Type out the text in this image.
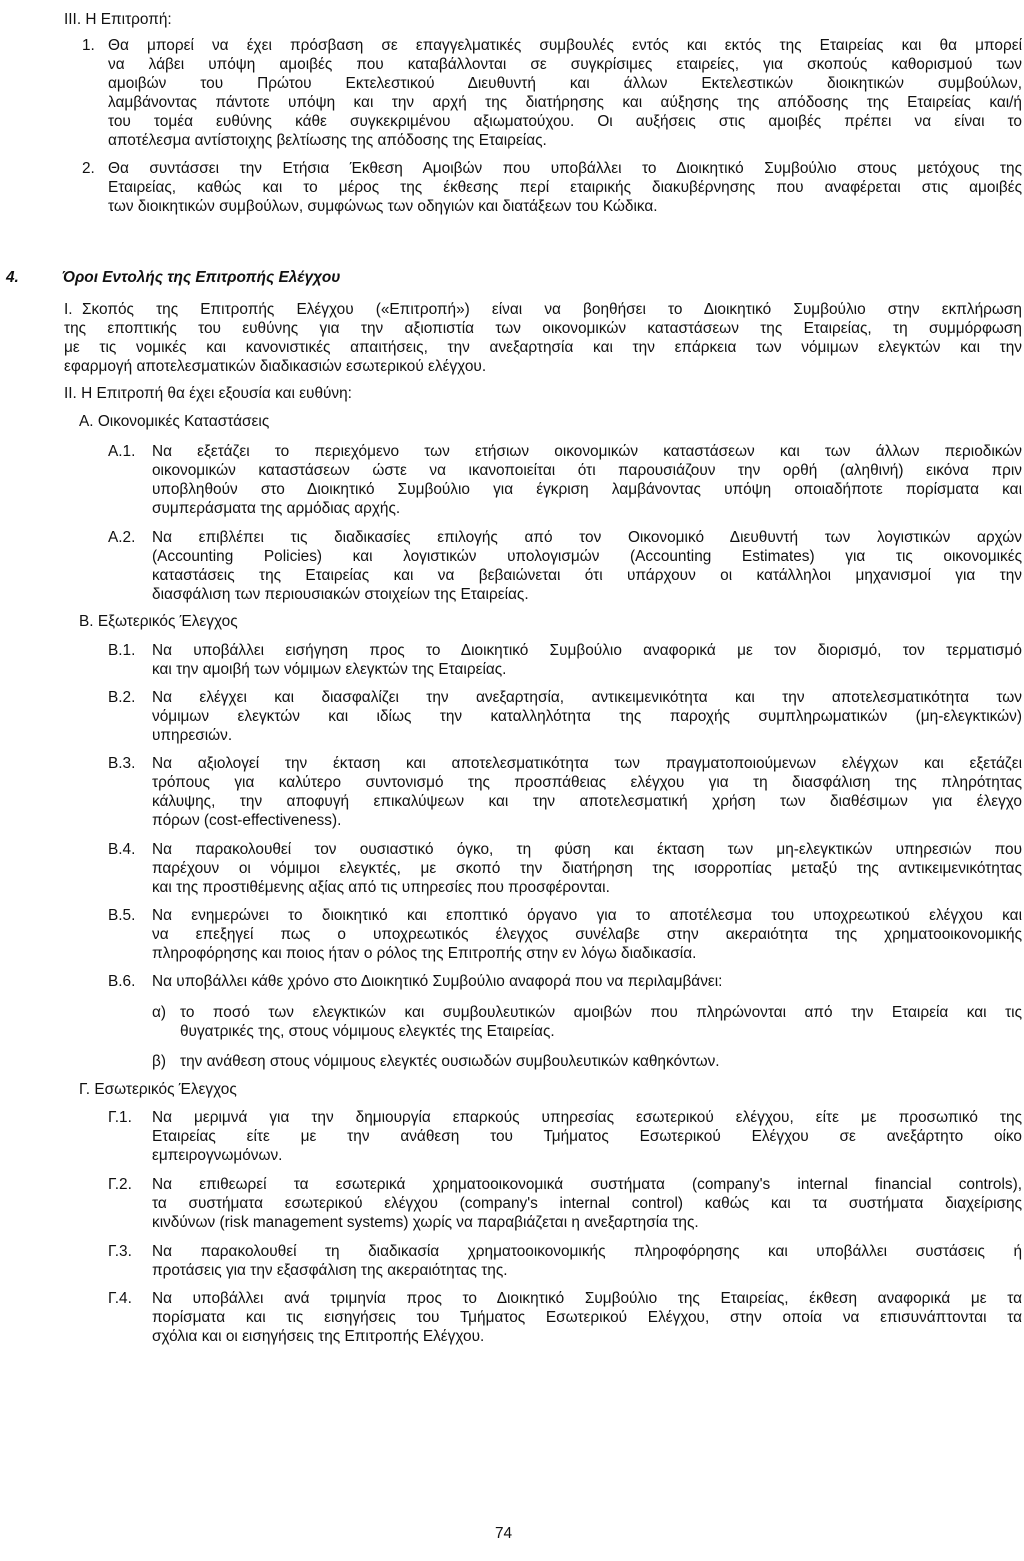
III. Η Επιτροπή:
1. Θα μπορεί να έχει πρόσβαση σε επαγγελματικές συμβουλές εντός και εκτός της Εταιρείας και θα μπορεί
να λάβει υπόψη αμοιβές που καταβάλλονται σε συγκρίσιμες εταιρείες, για σκοπούς καθορισμού των
αμοιβών του Πρώτου Εκτελεστικού Διευθυντή και άλλων Εκτελεστικών διοικητικών συμβούλων,
λαμβάνοντας πάντοτε υπόψη και την αρχή της διατήρησης και αύξησης της απόδοσης της Εταιρείας και/ή
του τομέα ευθύνης κάθε συγκεκριμένου αξιωματούχου. Οι αυξήσεις στις αμοιβές πρέπει να είναι το
αποτέλεσμα αντίστοιχης βελτίωσης της απόδοσης της Εταιρείας.
2. Θα συντάσσει την Ετήσια Έκθεση Αμοιβών που υποβάλλει το Διοικητικό Συμβούλιο στους μετόχους της
Εταιρείας, καθώς και το μέρος της έκθεσης περί εταιρικής διακυβέρνησης που αναφέρεται στις αμοιβές
των διοικητικών συμβούλων, συμφώνως των οδηγιών και διατάξεων του Κώδικα.
4.	Όροι Εντολής της Επιτροπής Ελέγχου
I. Σκοπός της Επιτροπής Ελέγχου («Επιτροπή») είναι να βοηθήσει το Διοικητικό Συμβούλιο στην εκπλήρωση
της εποπτικής του ευθύνης για την αξιοπιστία των οικονομικών καταστάσεων της Εταιρείας, τη συμμόρφωση
με τις νομικές και κανονιστικές απαιτήσεις, την ανεξαρτησία και την επάρκεια των νόμιμων ελεγκτών και την
εφαρμογή αποτελεσματικών διαδικασιών εσωτερικού ελέγχου.
II. Η Επιτροπή θα έχει εξουσία και ευθύνη:
Α. Οικονομικές Καταστάσεις
Α.1. Να εξετάζει το περιεχόμενο των ετήσιων οικονομικών καταστάσεων και των άλλων περιοδικών
οικονομικών καταστάσεων ώστε να ικανοποιείται ότι παρουσιάζουν την ορθή (αληθινή) εικόνα πριν
υποβληθούν στο Διοικητικό Συμβούλιο για έγκριση λαμβάνοντας υπόψη οποιαδήποτε πορίσματα και
συμπεράσματα της αρμόδιας αρχής.
Α.2. Να επιβλέπει τις διαδικασίες επιλογής από τον Οικονομικό Διευθυντή των λογιστικών αρχών
(Accounting Policies) και λογιστικών υπολογισμών (Accounting Estimates) για τις οικονομικές
καταστάσεις της Εταιρείας και να βεβαιώνεται ότι υπάρχουν οι κατάλληλοι μηχανισμοί για την
διασφάλιση των περιουσιακών στοιχείων της Εταιρείας.
Β. Εξωτερικός Έλεγχος
Β.1. Να υποβάλλει εισήγηση προς το Διοικητικό Συμβούλιο αναφορικά με τον διορισμό, τον τερματισμό
και την αμοιβή των νόμιμων ελεγκτών της Εταιρείας.
Β.2. Να ελέγχει και διασφαλίζει την ανεξαρτησία, αντικειμενικότητα και την αποτελεσματικότητα των
νόμιμων ελεγκτών και ιδίως την καταλληλότητα της παροχής συμπληρωματικών (μη-ελεγκτικών)
υπηρεσιών.
Β.3. Να αξιολογεί την έκταση και αποτελεσματικότητα των πραγματοποιούμενων ελέγχων και εξετάζει
τρόπους για καλύτερο συντονισμό της προσπάθειας ελέγχου για τη διασφάλιση της πληρότητας
κάλυψης, την αποφυγή επικαλύψεων και την αποτελεσματική χρήση των διαθέσιμων για έλεγχο
πόρων (cost-effectiveness).
Β.4. Να παρακολουθεί τον ουσιαστικό όγκο, τη φύση και έκταση των μη-ελεγκτικών υπηρεσιών που
παρέχουν οι νόμιμοι ελεγκτές, με σκοπό την διατήρηση της ισορροπίας μεταξύ της αντικειμενικότητας
και της προστιθέμενης αξίας από τις υπηρεσίες που προσφέρονται.
Β.5. Να ενημερώνει το διοικητικό και εποπτικό όργανο για το αποτέλεσμα του υποχρεωτικού ελέγχου και
να επεξηγεί πως ο υποχρεωτικός έλεγχος συνέλαβε στην ακεραιότητα της χρηματοοικονομικής
πληροφόρησης και ποιος ήταν ο ρόλος της Επιτροπής στην εν λόγω διαδικασία.
Β.6. Να υποβάλλει κάθε χρόνο στο Διοικητικό Συμβούλιο αναφορά που να περιλαμβάνει:
α) το ποσό των ελεγκτικών και συμβουλευτικών αμοιβών που πληρώνονται από την Εταιρεία και τις
θυγατρικές της, στους νόμιμους ελεγκτές της Εταιρείας.
β) την ανάθεση στους νόμιμους ελεγκτές ουσιωδών συμβουλευτικών καθηκόντων.
Γ. Εσωτερικός Έλεγχος
Γ.1. Να μεριμνά για την δημιουργία επαρκούς υπηρεσίας εσωτερικού ελέγχου, είτε με προσωπικό της
Εταιρείας είτε με την ανάθεση του Τμήματος Εσωτερικού Ελέγχου σε ανεξάρτητο οίκο
εμπειρογνωμόνων.
Γ.2. Να επιθεωρεί τα εσωτερικά χρηματοοικονομικά συστήματα (company's internal financial controls),
τα συστήματα εσωτερικού ελέγχου (company's internal control) καθώς και τα συστήματα διαχείρισης
κινδύνων (risk management systems) χωρίς να παραβιάζεται η ανεξαρτησία της.
Γ.3. Να παρακολουθεί τη διαδικασία χρηματοοικονομικής πληροφόρησης και υποβάλλει συστάσεις ή
προτάσεις για την εξασφάλιση της ακεραιότητας της.
Γ.4. Να υποβάλλει ανά τριμηνία προς το Διοικητικό Συμβούλιο της Εταιρείας, έκθεση αναφορικά με τα
πορίσματα και τις εισηγήσεις του Τμήματος Εσωτερικού Ελέγχου, στην οποία να επισυνάπτονται τα
σχόλια και οι εισηγήσεις της Επιτροπής Ελέγχου.
74
